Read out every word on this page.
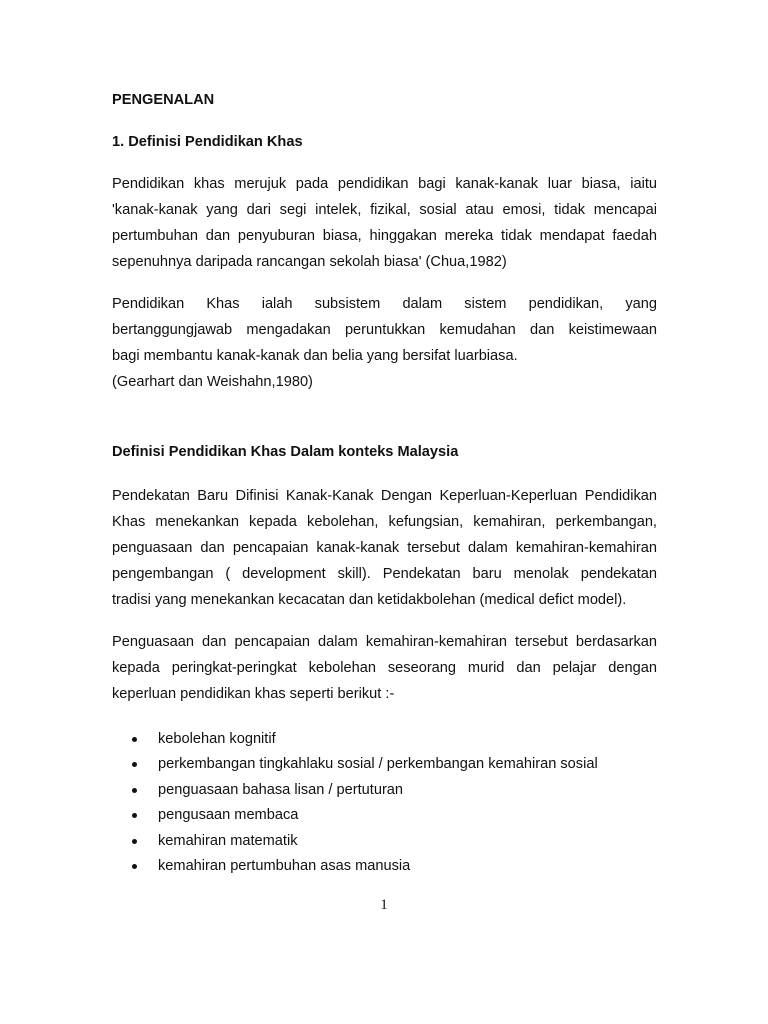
PENGENALAN
1. Definisi Pendidikan Khas
Pendidikan khas merujuk pada pendidikan bagi kanak-kanak luar biasa, iaitu
'kanak-kanak yang dari segi intelek, fizikal, sosial atau emosi, tidak mencapai
pertumbuhan dan penyuburan biasa, hinggakan mereka tidak mendapat faedah
sepenuhnya daripada rancangan sekolah biasa' (Chua,1982)
Pendidikan Khas ialah subsistem dalam sistem pendidikan, yang
bertanggungjawab mengadakan peruntukkan kemudahan dan keistimewaan
bagi membantu kanak-kanak dan belia yang bersifat luarbiasa.
(Gearhart dan Weishahn,1980)
Definisi Pendidikan Khas Dalam konteks Malaysia
Pendekatan Baru Difinisi Kanak-Kanak Dengan Keperluan-Keperluan Pendidikan
Khas menekankan kepada kebolehan, kefungsian, kemahiran, perkembangan,
penguasaan dan pencapaian kanak-kanak tersebut dalam kemahiran-kemahiran
pengembangan ( development skill). Pendekatan baru menolak pendekatan
tradisi yang menekankan kecacatan dan ketidakbolehan (medical defict model).
Penguasaan dan pencapaian dalam kemahiran-kemahiran tersebut berdasarkan
kepada peringkat-peringkat kebolehan seseorang murid dan pelajar dengan
keperluan pendidikan khas seperti berikut :-
kebolehan kognitif
perkembangan tingkahlaku sosial / perkembangan kemahiran sosial
penguasaan bahasa lisan / pertuturan
pengusaan membaca
kemahiran matematik
kemahiran pertumbuhan asas manusia
1
